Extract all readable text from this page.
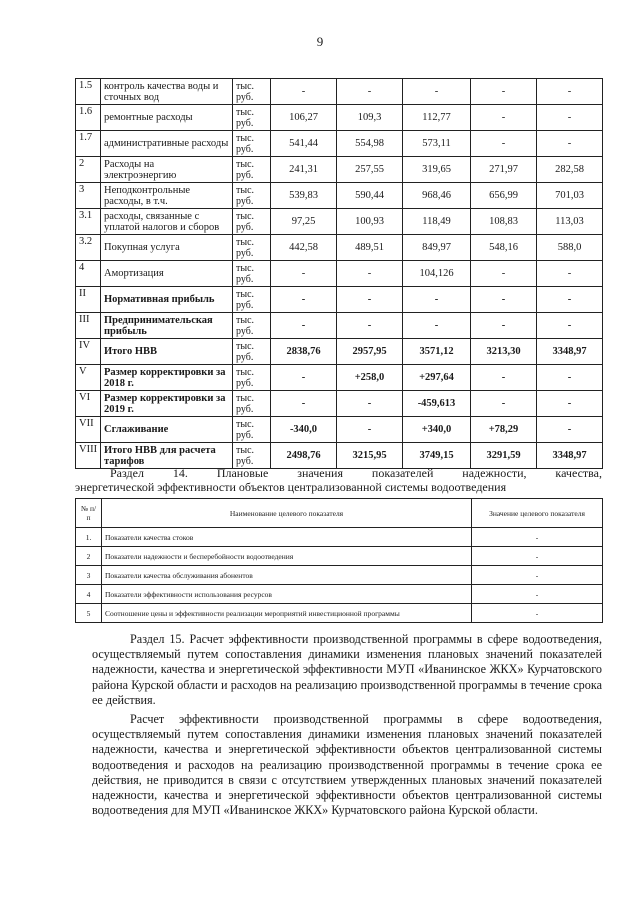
9
1.5	контроль качества воды и сточных вод	тыс. руб.	-	-	-	-	-
1.6	ремонтные расходы	тыс. руб.	106,27	109,3	112,77	-	-
1.7	административные расходы	тыс. руб.	541,44	554,98	573,11	-	-
2	Расходы на электроэнергию	тыс. руб.	241,31	257,55	319,65	271,97	282,58
3	Неподконтрольные расходы, в т.ч.	тыс. руб.	539,83	590,44	968,46	656,99	701,03
3.1	расходы, связанные с уплатой налогов и сборов	тыс. руб.	97,25	100,93	118,49	108,83	113,03
3.2	Покупная услуга	тыс. руб.	442,58	489,51	849,97	548,16	588,0
4	Амортизация	тыс. руб.	-	-	104,126	-	-
II	Нормативная прибыль	тыс. руб.	-	-	-	-	-
III	Предпринимательская прибыль	тыс. руб.	-	-	-	-	-
IV	Итого НВВ	тыс. руб.	2838,76	2957,95	3571,12	3213,30	3348,97
V	Размер корректировки за 2018 г.	тыс. руб.	-	+258,0	+297,64	-	-
VI	Размер корректировки за 2019 г.	тыс. руб.	-	-	-459,613	-	-
VII	Сглаживание	тыс. руб.	-340,0	-	+340,0	+78,29	-
VIII	Итого НВВ для расчета тарифов	тыс. руб.	2498,76	3215,95	3749,15	3291,59	3348,97
Раздел 14. Плановые значения показателей надежности, качества,
энергетической эффективности объектов централизованной системы водоотведения
№ п/п	Наименование целевого показателя	Значение целевого показателя
1.	Показатели качества стоков	-
2	Показатели надежности и бесперебойности водоотведения	-
3	Показатели качества обслуживания абонентов	-
4	Показатели эффективности использования ресурсов	-
5	Соотношение цены и эффективности реализации мероприятий инвестиционной программы	-
Раздел 15. Расчет эффективности производственной программы в сфере водоотведения, осуществляемый путем сопоставления динамики изменения плановых значений показателей надежности, качества и энергетической эффективности МУП «Иванинское ЖКХ» Курчатовского района Курской области и расходов на реализацию производственной программы в течение срока ее действия.
Расчет эффективности производственной программы в сфере водоотведения, осуществляемый путем сопоставления динамики изменения плановых значений показателей надежности, качества и энергетической эффективности объектов централизованной системы водоотведения и расходов на реализацию производственной программы в течение срока ее действия, не приводится в связи с отсутствием утвержденных плановых значений показателей надежности, качества и энергетической эффективности объектов централизованной системы водоотведения для МУП «Иванинское ЖКХ» Курчатовского района Курской области.
